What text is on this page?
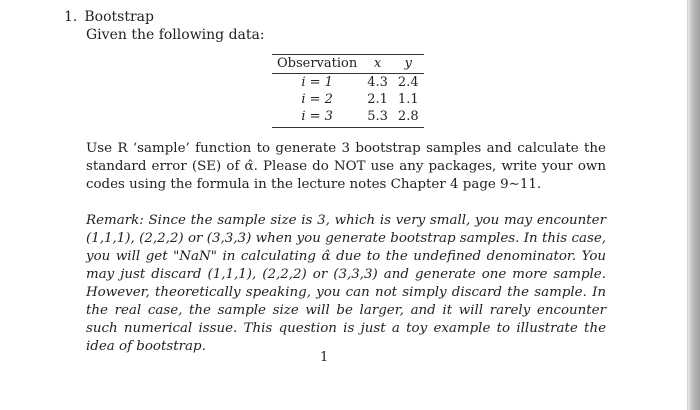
1. Bootstrap
Given the following data:
Observation	x	y
i = 1	4.3	2.4
i = 2	2.1	1.1
i = 3	5.3	2.8

Use R ‘sample’ function to generate 3 bootstrap samples and calculate the standard error (SE) of α̂. Please do NOT use any packages, write your own codes using the formula in the lecture notes Chapter 4 page 9∼11.

Remark: Since the sample size is 3, which is very small, you may encounter (1,1,1), (2,2,2) or (3,3,3) when you generate bootstrap samples. In this case, you will get "NaN" in calculating α̂ due to the undefined denominator. You may just discard (1,1,1), (2,2,2) or (3,3,3) and generate one more sample. However, theoretically speaking, you can not simply discard the sample. In the real case, the sample size will be larger, and it will rarely encounter such numerical issue. This question is just a toy example to illustrate the idea of bootstrap.

1
